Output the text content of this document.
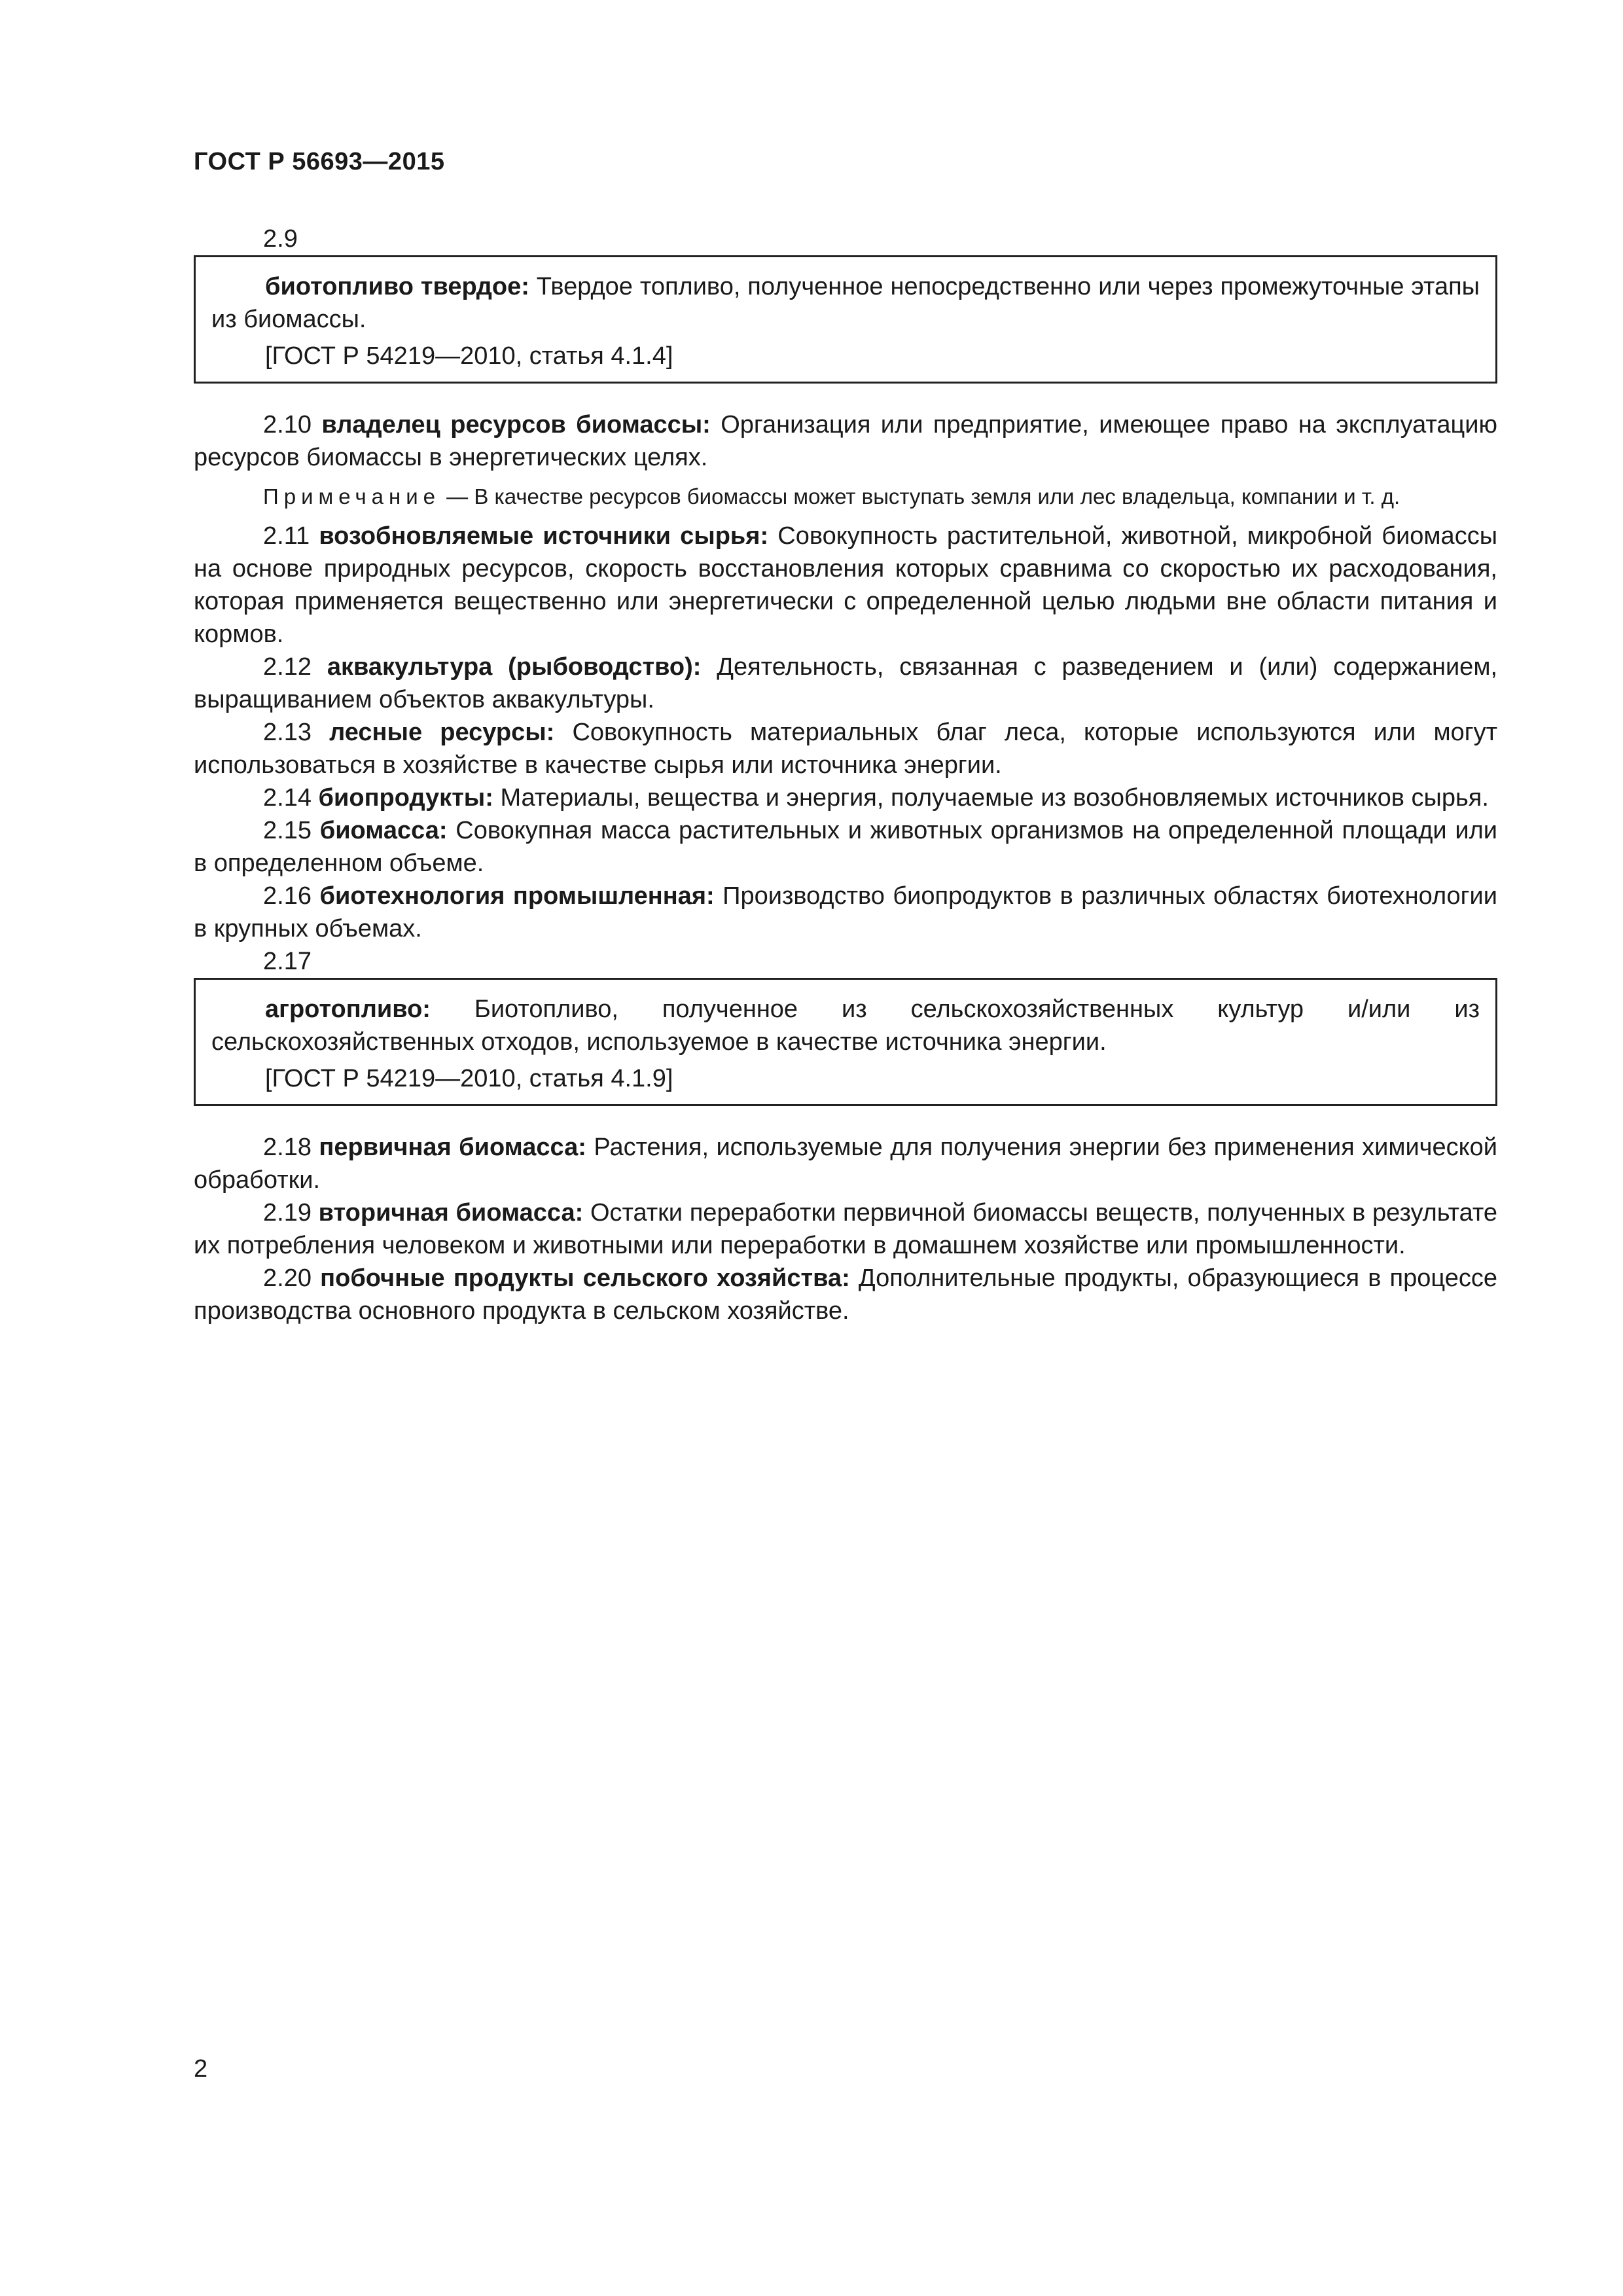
ГОСТ Р 56693—2015

2.9

биотопливо твердое: Твердое топливо, полученное непосредственно или через промежуточные этапы из биомассы.

[ГОСТ Р 54219—2010, статья 4.1.4]

2.10 владелец ресурсов биомассы: Организация или предприятие, имеющее право на эксплуатацию ресурсов биомассы в энергетических целях.

Примечание — В качестве ресурсов биомассы может выступать земля или лес владельца, компании и т. д.

2.11 возобновляемые источники сырья: Совокупность растительной, животной, микробной биомассы на основе природных ресурсов, скорость восстановления которых сравнима со скоростью их расходования, которая применяется вещественно или энергетически с определенной целью людьми вне области питания и кормов.

2.12 аквакультура (рыбоводство): Деятельность, связанная с разведением и (или) содержанием, выращиванием объектов аквакультуры.

2.13 лесные ресурсы: Совокупность материальных благ леса, которые используются или могут использоваться в хозяйстве в качестве сырья или источника энергии.

2.14 биопродукты: Материалы, вещества и энергия, получаемые из возобновляемых источников сырья.

2.15 биомасса: Совокупная масса растительных и животных организмов на определенной площади или в определенном объеме.

2.16 биотехнология промышленная: Производство биопродуктов в различных областях биотехнологии в крупных объемах.

2.17

агротопливо: Биотопливо, полученное из сельскохозяйственных культур и/или из сельскохозяйственных отходов, используемое в качестве источника энергии.

[ГОСТ Р 54219—2010, статья 4.1.9]

2.18 первичная биомасса: Растения, используемые для получения энергии без применения химической обработки.

2.19 вторичная биомасса: Остатки переработки первичной биомассы веществ, полученных в результате их потребления человеком и животными или переработки в домашнем хозяйстве или промышленности.

2.20 побочные продукты сельского хозяйства: Дополнительные продукты, образующиеся в процессе производства основного продукта в сельском хозяйстве.

2
